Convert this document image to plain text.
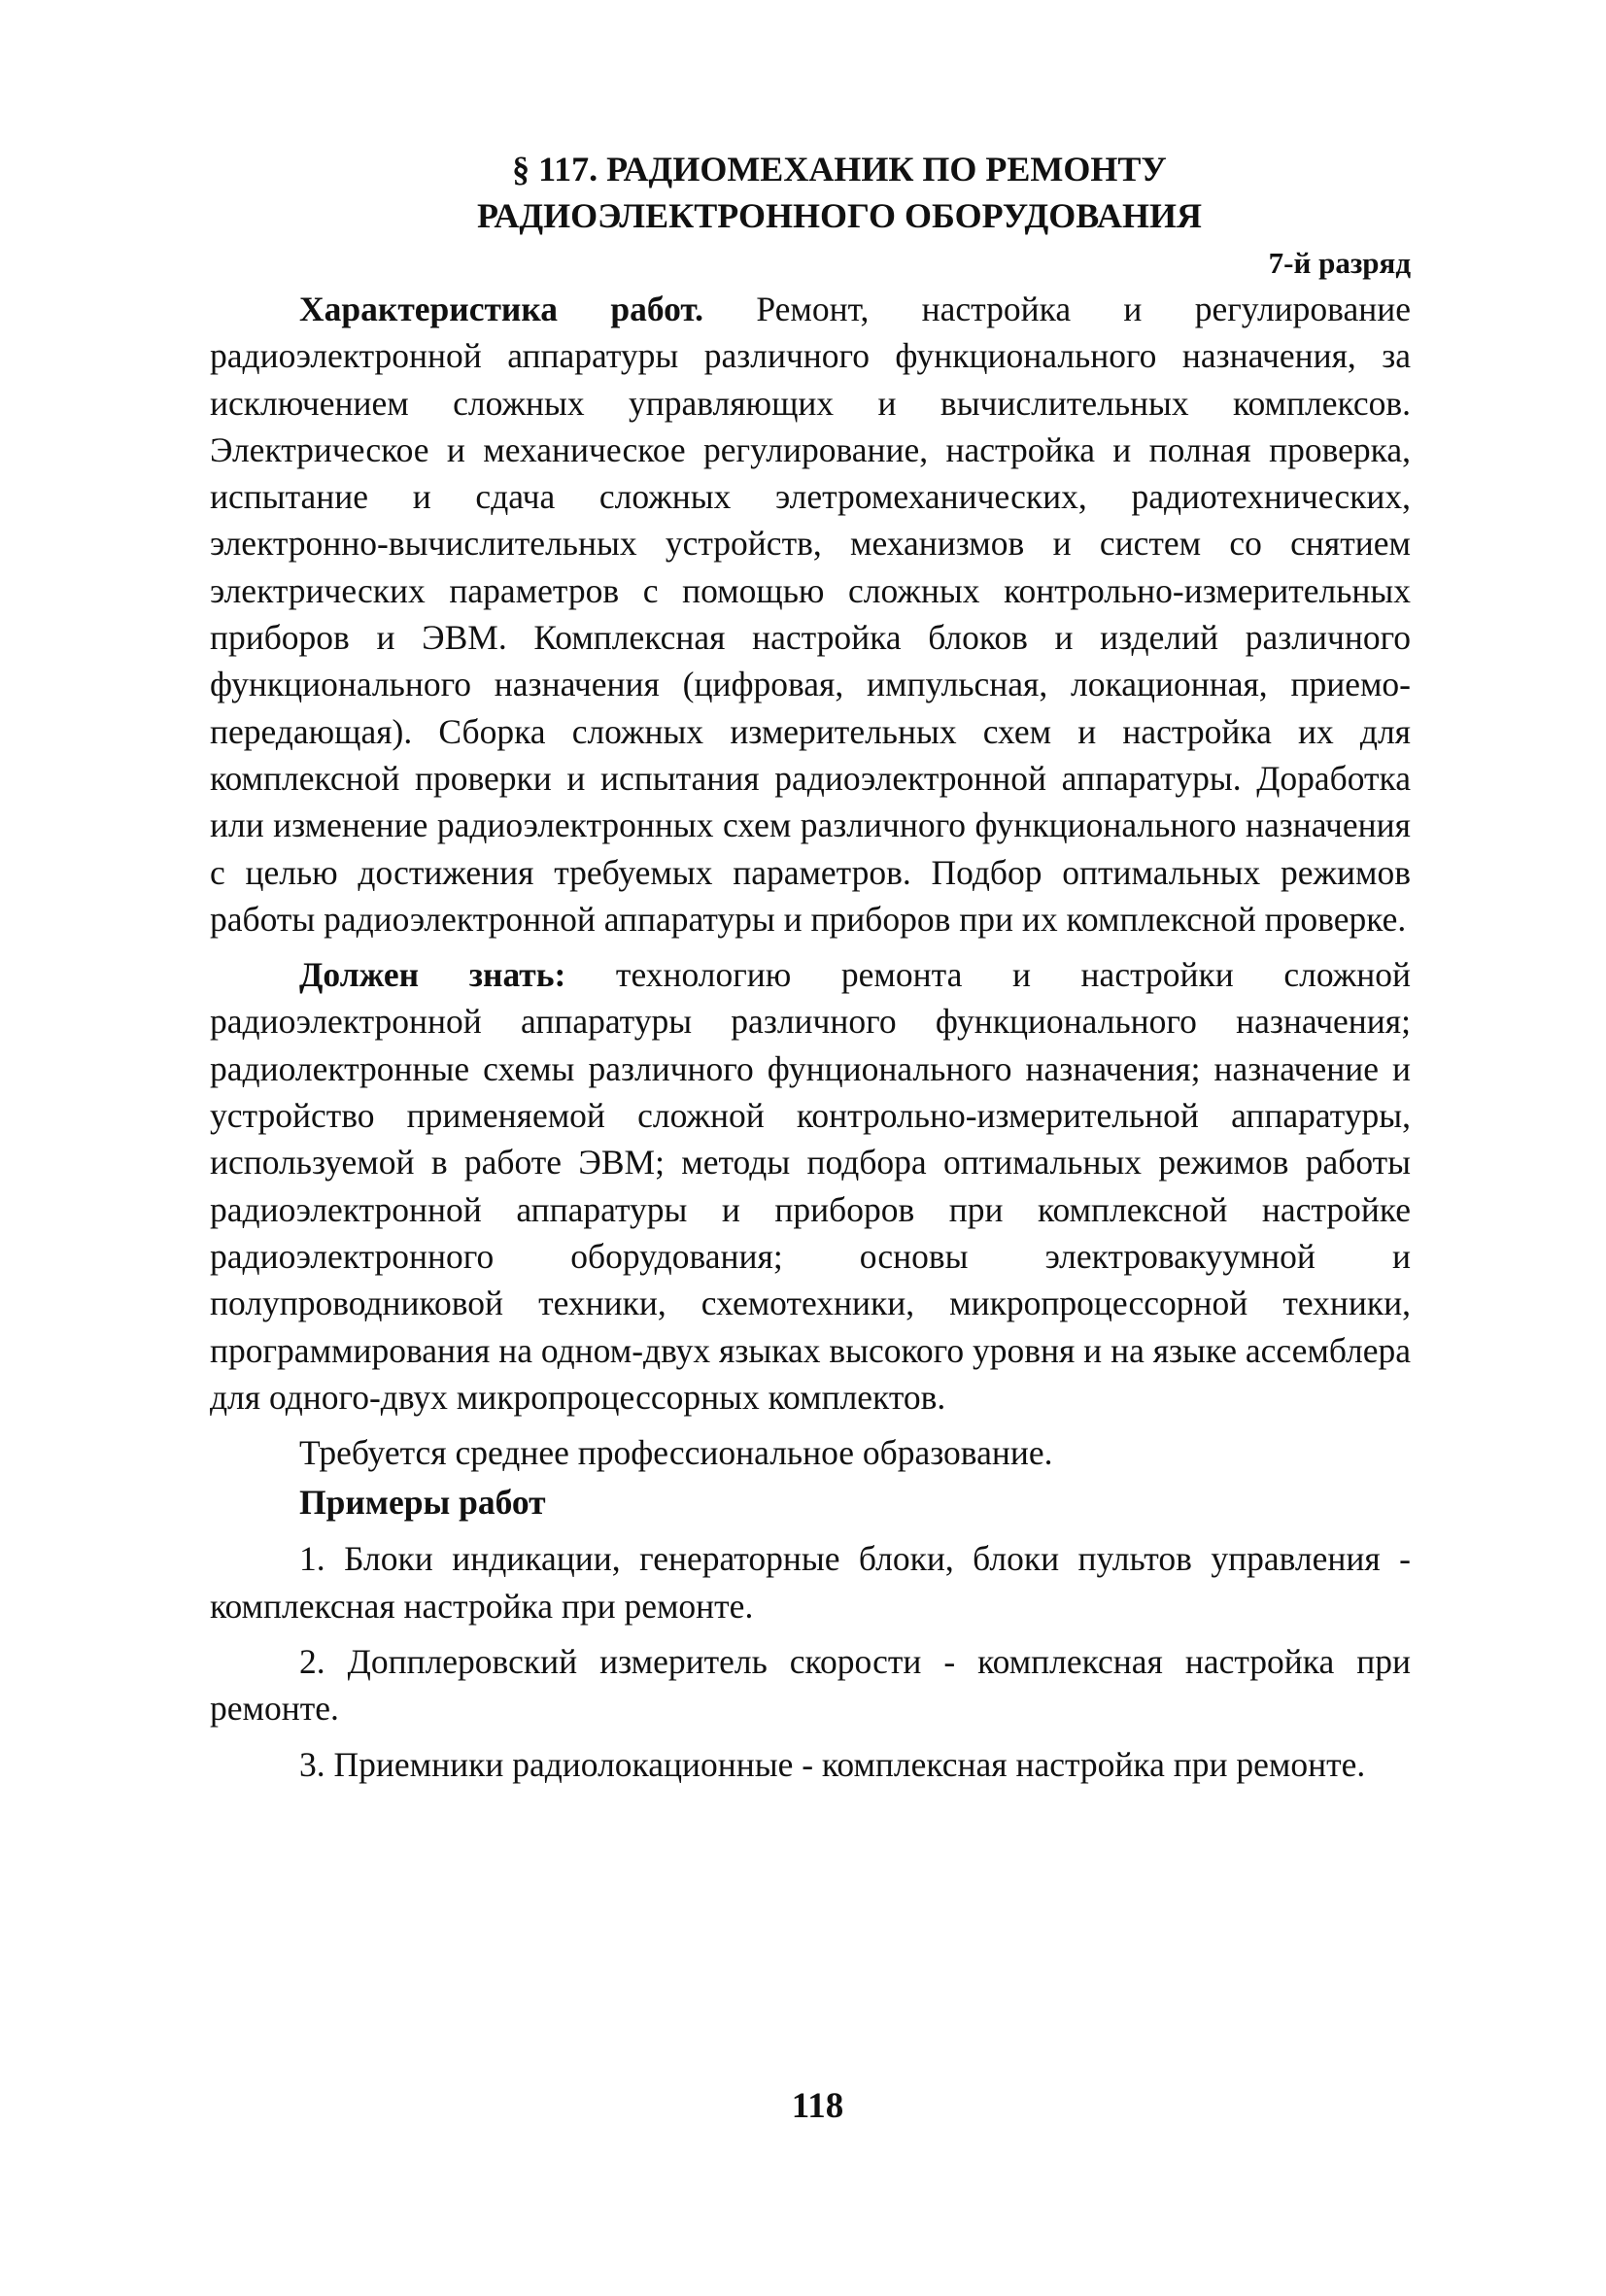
§ 117. РАДИОМЕХАНИК ПО РЕМОНТУ
РАДИОЭЛЕКТРОННОГО ОБОРУДОВАНИЯ
7-й разряд

Характеристика работ. Ремонт, настройка и регулирование радиоэлектронной аппаратуры различного функционального назначения, за исключением сложных управляющих и вычислительных комплексов. Электрическое и механическое регулирование, настройка и полная проверка, испытание и сдача сложных элетромеханических, радиотехнических, электронно-вычислительных устройств, механизмов и систем со снятием электрических параметров с помощью сложных контрольно-измерительных приборов и ЭВМ. Комплексная настройка блоков и изделий различного функционального назначения (цифровая, импульсная, локационная, приемо-передающая). Сборка сложных измерительных схем и настройка их для комплексной проверки и испытания радиоэлектронной аппаратуры. Доработка или изменение радиоэлектронных схем различного функционального назначения с целью достижения требуемых параметров. Подбор оптимальных режимов работы радиоэлектронной аппаратуры и приборов при их комплексной проверке.

Должен знать: технологию ремонта и настройки сложной радиоэлектронной аппаратуры различного функционального назначения; радиолектронные схемы различного фунционального назначения; назначение и устройство применяемой сложной контрольно-измерительной аппаратуры, используемой в работе ЭВМ; методы подбора оптимальных режимов работы радиоэлектронной аппаратуры и приборов при комплексной настройке радиоэлектронного оборудования; основы электровакуумной и полупроводниковой техники, схемотехники, микропроцессорной техники, программирования на одном-двух языках высокого уровня и на языке ассемблера для одного-двух микропроцессорных комплектов.

Требуется среднее профессиональное образование.

Примеры работ

1. Блоки индикации, генераторные блоки, блоки пультов управления - комплексная настройка при ремонте.

2. Допплеровский измеритель скорости - комплексная настройка при ремонте.

3. Приемники радиолокационные - комплексная настройка при ремонте.

118
